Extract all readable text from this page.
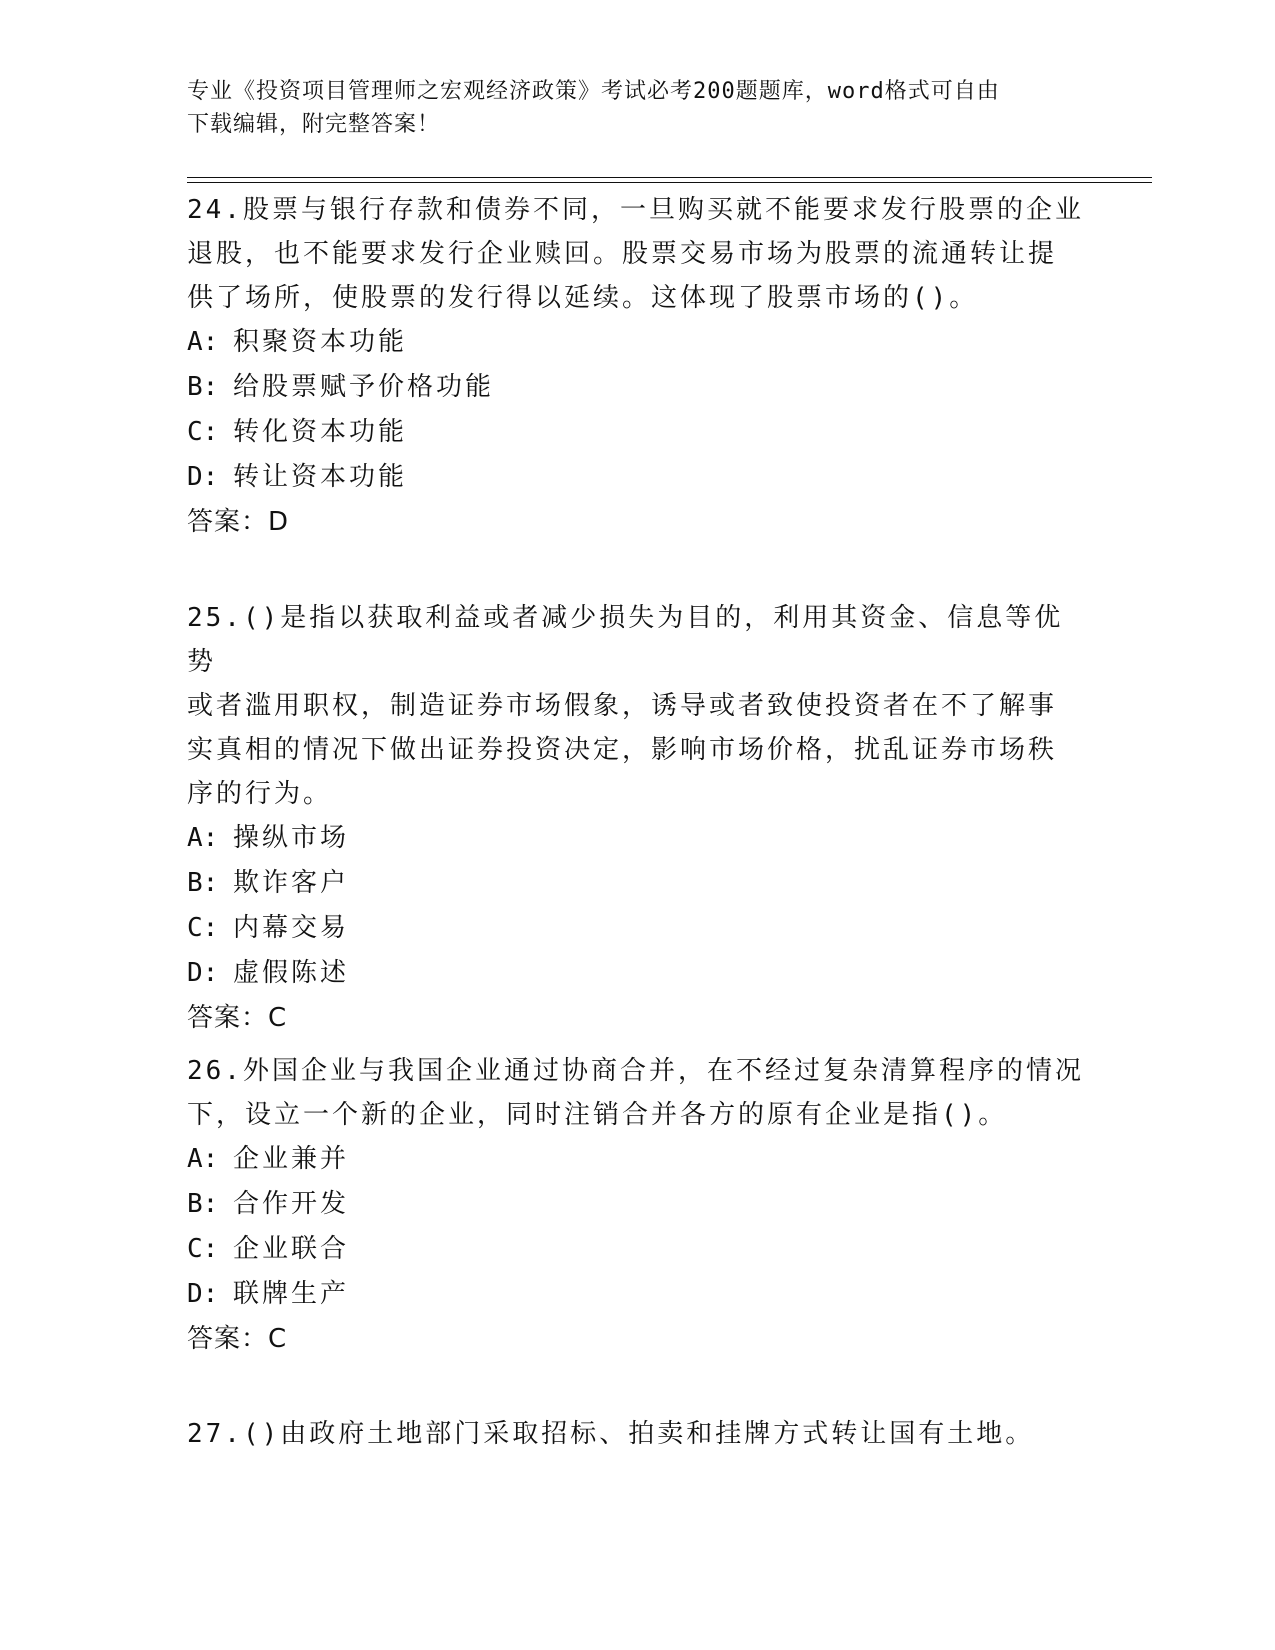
专业《投资项目管理师之宏观经济政策》考试必考200题题库，word格式可自由
下载编辑，附完整答案！

24.股票与银行存款和债券不同，一旦购买就不能要求发行股票的企业

退股，也不能要求发行企业赎回。股票交易市场为股票的流通转让提

供了场所，使股票的发行得以延续。这体现了股票市场的()。

A: 积聚资本功能

B: 给股票赋予价格功能

C: 转化资本功能

D: 转让资本功能

答案：D

25.()是指以获取利益或者减少损失为目的，利用其资金、信息等优势

或者滥用职权，制造证券市场假象，诱导或者致使投资者在不了解事

实真相的情况下做出证券投资决定，影响市场价格，扰乱证券市场秩

序的行为。

A: 操纵市场

B: 欺诈客户

C: 内幕交易

D: 虚假陈述

答案：C

26.外国企业与我国企业通过协商合并，在不经过复杂清算程序的情况

下，设立一个新的企业，同时注销合并各方的原有企业是指()。

A: 企业兼并

B: 合作开发

C: 企业联合

D: 联牌生产

答案：C

27.()由政府土地部门采取招标、拍卖和挂牌方式转让国有土地。
